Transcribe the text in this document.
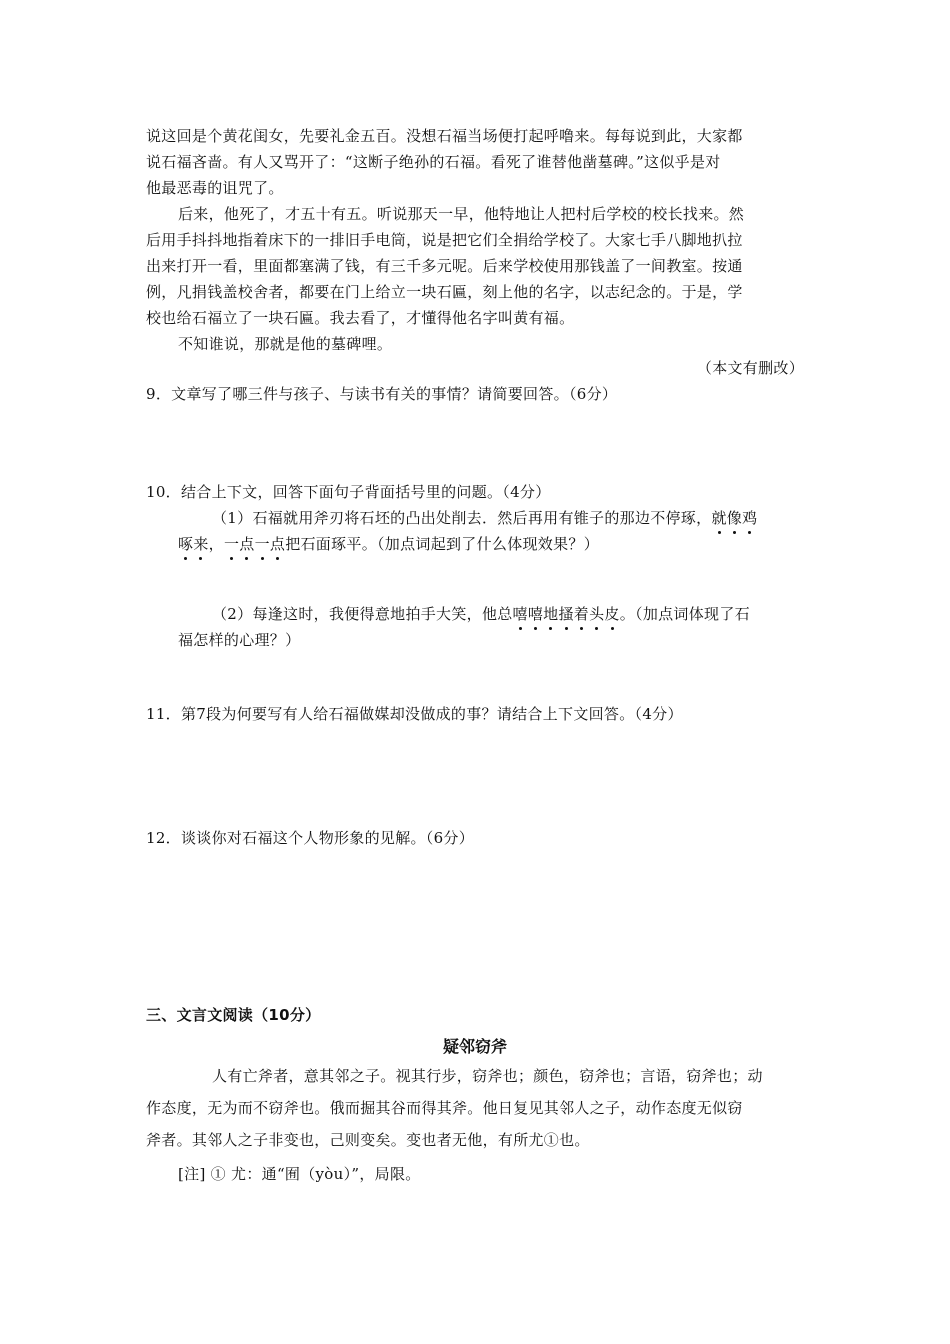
说这回是个黄花闺女，先要礼金五百。没想石福当场便打起呼噜来。每每说到此，大家都
说石福吝啬。有人又骂开了：“这断子绝孙的石福。看死了谁替他凿墓碑。”这似乎是对
他最恶毒的诅咒了。
后来，他死了，才五十有五。听说那天一早，他特地让人把村后学校的校长找来。然
后用手抖抖地指着床下的一排旧手电筒，说是把它们全捐给学校了。大家七手八脚地扒拉
出来打开一看，里面都塞满了钱，有三千多元呢。后来学校使用那钱盖了一间教室。按通
例，凡捐钱盖校舍者，都要在门上给立一块石匾，刻上他的名字，以志纪念的。于是，学
校也给石福立了一块石匾。我去看了，才懂得他名字叫黄有福。
不知谁说，那就是他的墓碑哩。
（本文有删改）
9．文章写了哪三件与孩子、与读书有关的事情？请简要回答。（6分）
10．结合上下文，回答下面句子背面括号里的问题。（4分）
（1）石福就用斧刃将石坯的凸出处削去．然后再用有锥子的那边不停琢，就像鸡
啄来，一点一点把石面琢平。（加点词起到了什么体现效果？）
（2）每逢这时，我便得意地拍手大笑，他总嘻嘻地搔着头皮。（加点词体现了石
福怎样的心理？）
11．第7段为何要写有人给石福做媒却没做成的事？请结合上下文回答。（4分）
12．谈谈你对石福这个人物形象的见解。（6分）
三、文言文阅读（10分）
疑邻窃斧
人有亡斧者，意其邻之子。视其行步，窃斧也；颜色，窃斧也；言语，窃斧也；动
作态度，无为而不窃斧也。俄而掘其谷而得其斧。他日复见其邻人之子，动作态度无似窃
斧者。其邻人之子非变也，己则变矣。变也者无他，有所尤①也。
[注] ① 尤：通“囿（yòu）”，局限。
